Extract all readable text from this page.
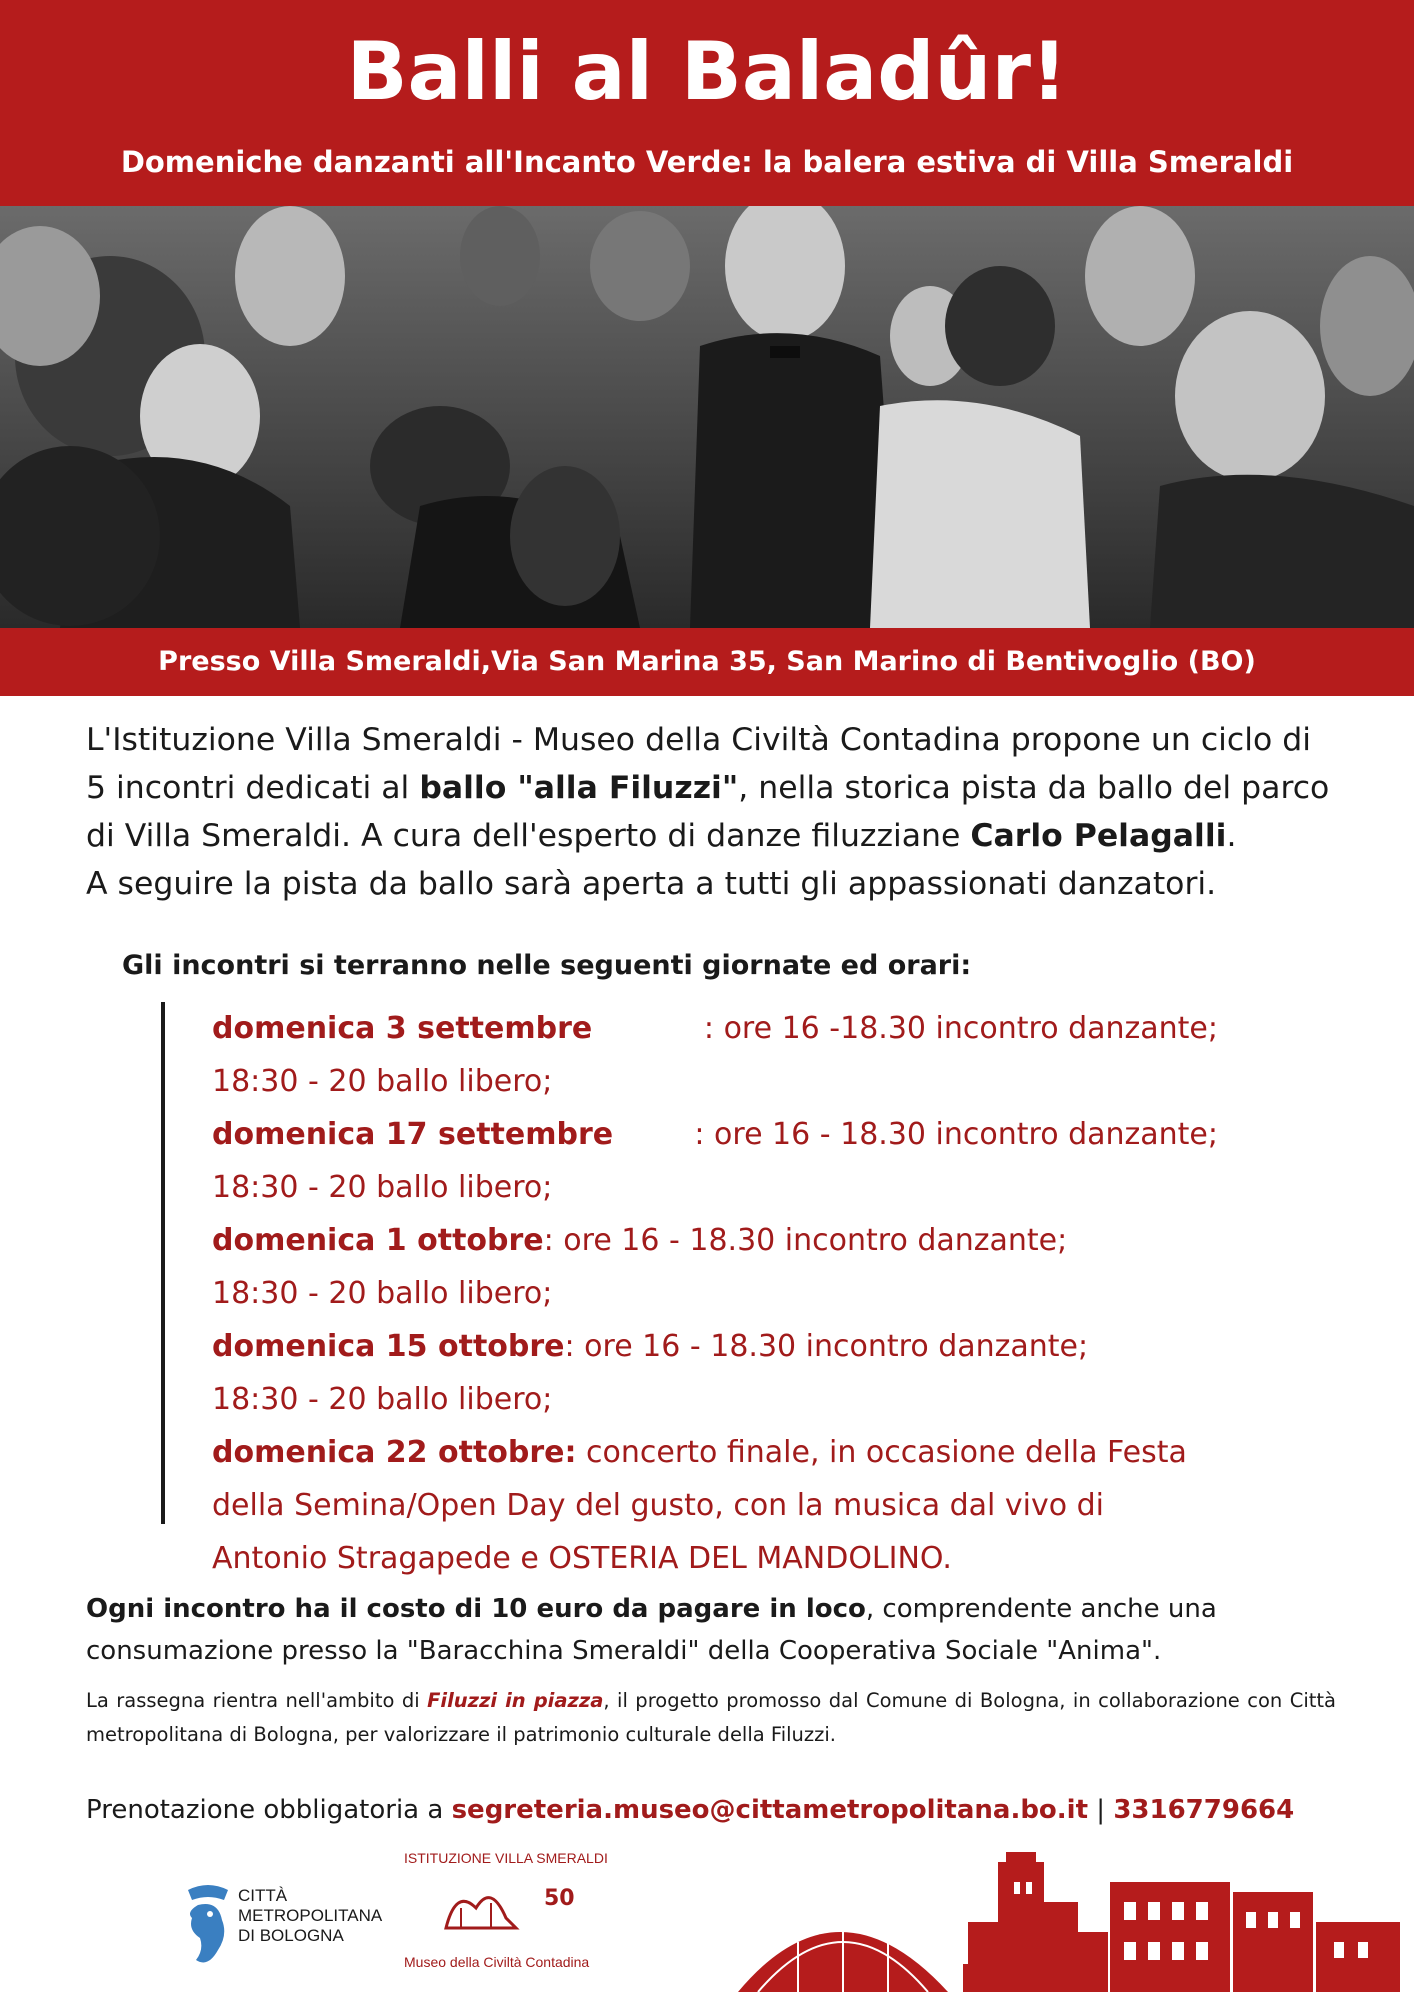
Balli al Baladûr!
Domeniche danzanti all'Incanto Verde: la balera estiva di Villa Smeraldi
Presso Villa Smeraldi,Via San Marina 35, San Marino di Bentivoglio (BO)
L'Istituzione Villa Smeraldi - Museo della Civiltà Contadina propone un ciclo di
5 incontri dedicati al ballo "alla Filuzzi", nella storica pista da ballo del parco
di Villa Smeraldi. A cura dell'esperto di danze filuzziane Carlo Pelagalli.
A seguire la pista da ballo sarà aperta a tutti gli appassionati danzatori.
Gli incontri si terranno nelle seguenti giornate ed orari:
domenica 3 settembre	: ore 16 -18.30 incontro danzante;
18:30 - 20 ballo libero;
domenica 17 settembre	: ore 16 - 18.30 incontro danzante;
18:30 - 20 ballo libero;
domenica 1 ottobre : ore 16 - 18.30 incontro danzante;
18:30 - 20 ballo libero;
domenica 15 ottobre : ore 16 - 18.30 incontro danzante;
18:30 - 20 ballo libero;
domenica 22 ottobre: concerto finale, in occasione della Festa
della Semina/Open Day del gusto, con la musica dal vivo di
Antonio Stragapede e OSTERIA DEL MANDOLINO.
Ogni incontro ha il costo di 10 euro da pagare in loco, comprendente anche una
consumazione presso la "Baracchina Smeraldi" della Cooperativa Sociale "Anima".
La rassegna rientra nell'ambito di Filuzzi in piazza, il progetto promosso dal Comune di Bologna, in collaborazione con Città metropolitana di Bologna, per valorizzare il patrimonio culturale della Filuzzi.
Prenotazione obbligatoria a segreteria.museo@cittametropolitana.bo.it | 3316779664
CITTÀ
METROPOLITANA
DI BOLOGNA
ISTITUZIONE VILLA SMERALDI
50
Museo della Civiltà Contadina
